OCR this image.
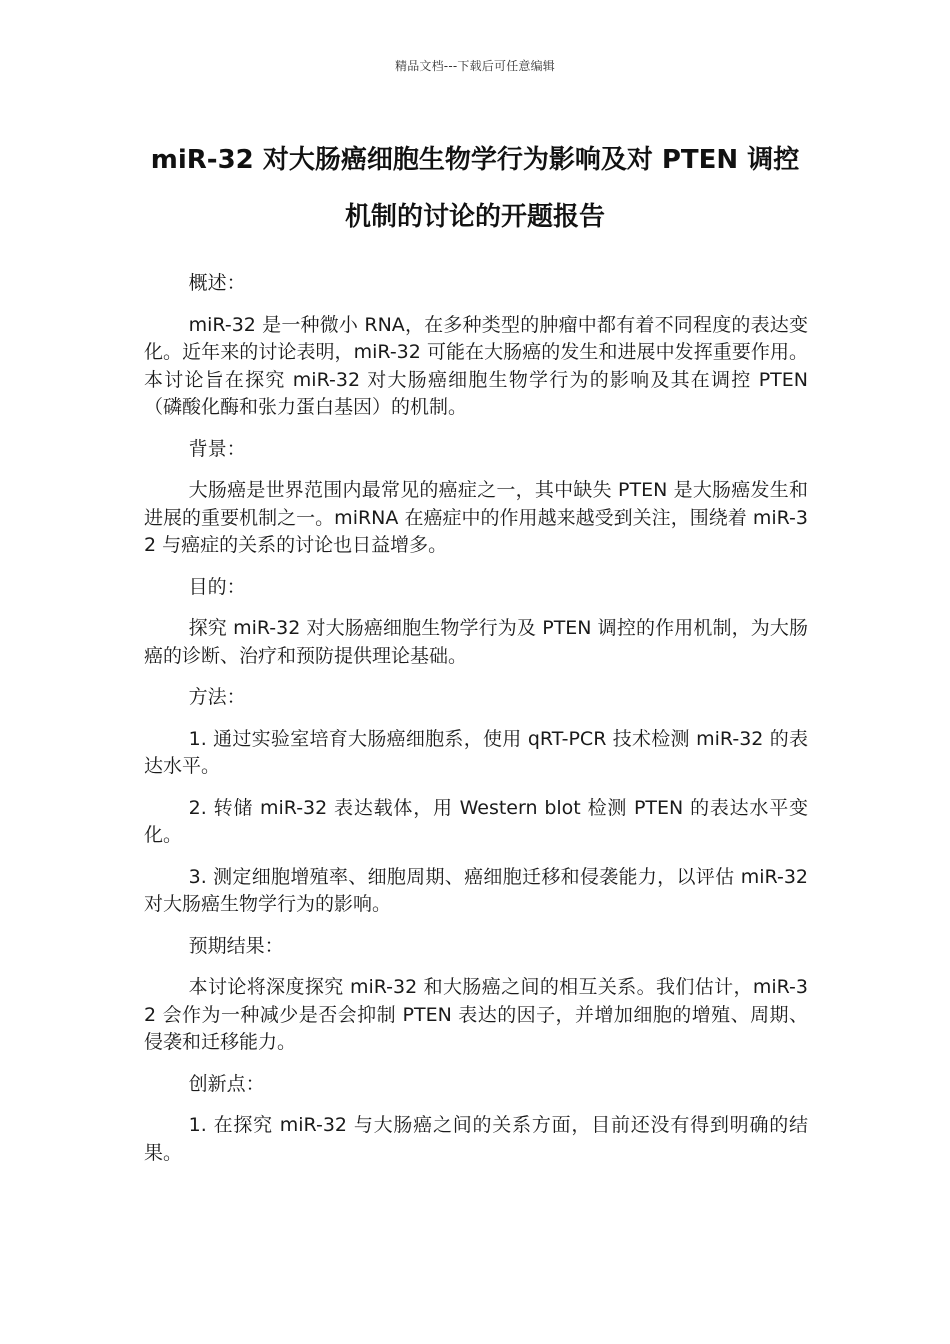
精品文档---下载后可任意编辑
miR-32 对大肠癌细胞生物学行为影响及对 PTEN 调控机制的讨论的开题报告

概述：

miR-32 是一种微小 RNA，在多种类型的肿瘤中都有着不同程度的表达变化。近年来的讨论表明，miR-32 可能在大肠癌的发生和进展中发挥重要作用。本讨论旨在探究 miR-32 对大肠癌细胞生物学行为的影响及其在调控 PTEN（磷酸化酶和张力蛋白基因）的机制。

背景：

大肠癌是世界范围内最常见的癌症之一，其中缺失 PTEN 是大肠癌发生和进展的重要机制之一。miRNA 在癌症中的作用越来越受到关注，围绕着 miR-32 与癌症的关系的讨论也日益增多。

目的：

探究 miR-32 对大肠癌细胞生物学行为及 PTEN 调控的作用机制，为大肠癌的诊断、治疗和预防提供理论基础。

方法：

1. 通过实验室培育大肠癌细胞系，使用 qRT-PCR 技术检测 miR-32 的表达水平。

2. 转储 miR-32 表达载体，用 Western blot 检测 PTEN 的表达水平变化。

3. 测定细胞增殖率、细胞周期、癌细胞迁移和侵袭能力，以评估 miR-32 对大肠癌生物学行为的影响。

预期结果：

本讨论将深度探究 miR-32 和大肠癌之间的相互关系。我们估计，miR-32 会作为一种减少是否会抑制 PTEN 表达的因子，并增加细胞的增殖、周期、侵袭和迁移能力。

创新点：

1. 在探究 miR-32 与大肠癌之间的关系方面，目前还没有得到明确的结果。
